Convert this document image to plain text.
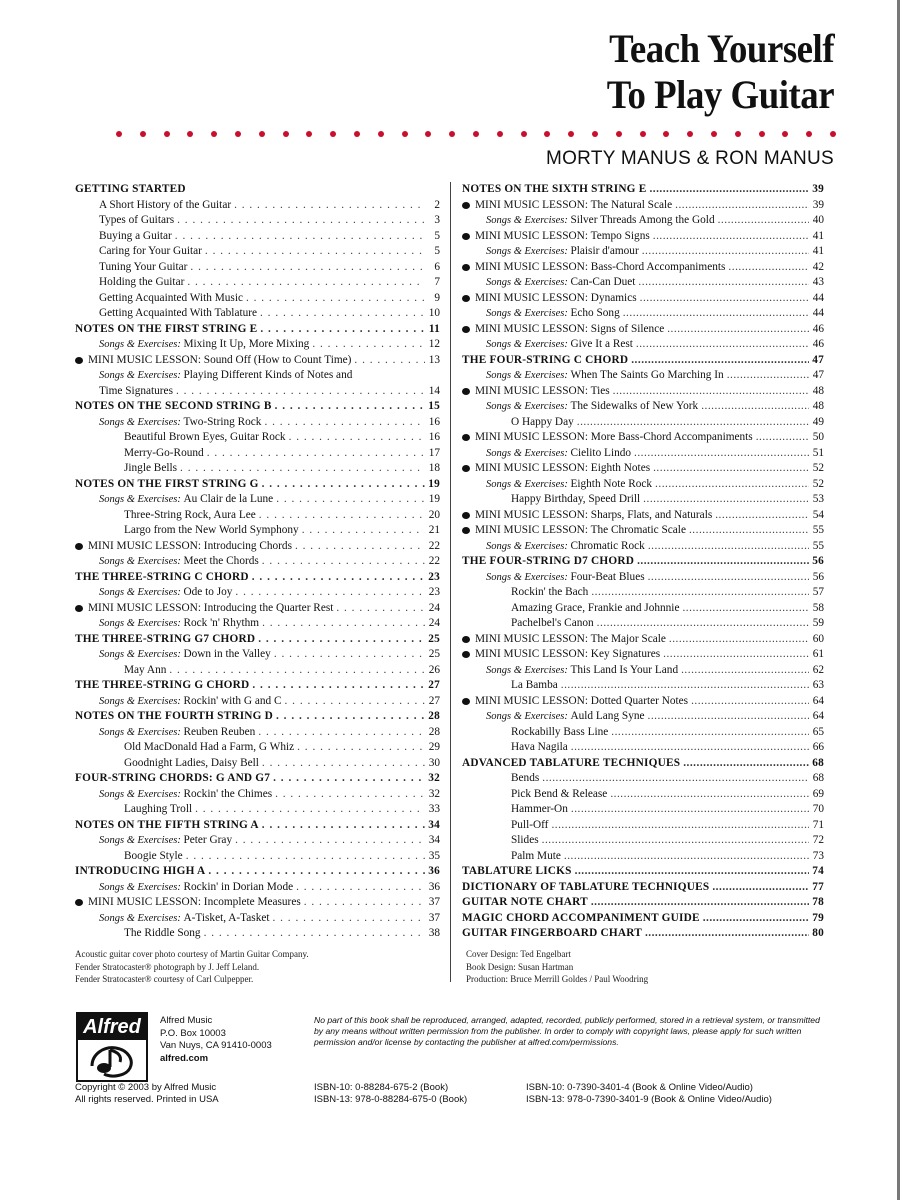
Teach Yourself
To Play Guitar
MORTY MANUS & RON MANUS
GETTING STARTED
A Short History of the Guitar . . .	2
Types of Guitars . . .	3
Buying a Guitar . . .	5
Caring for Your Guitar . . .	5
Tuning Your Guitar . . .	6
Holding the Guitar . . .	7
Getting Acquainted With Music . . .	9
Getting Acquainted With Tablature . . .	10
NOTES ON THE FIRST STRING E . . .	11
Songs & Exercises: Mixing It Up, More Mixing . . .	12
MINI MUSIC LESSON: Sound Off (How to Count Time) . . .	13
Songs & Exercises: Playing Different Kinds of Notes and
Time Signatures . . .	14
NOTES ON THE SECOND STRING B . . .	15
Songs & Exercises: Two-String Rock . . .	16
Beautiful Brown Eyes, Guitar Rock . . .	16
Merry-Go-Round . . .	17
Jingle Bells . . .	18
NOTES ON THE FIRST STRING G . . .	19
Songs & Exercises: Au Clair de la Lune . . .	19
Three-String Rock, Aura Lee . . .	20
Largo from the New World Symphony . . .	21
MINI MUSIC LESSON: Introducing Chords . . .	22
Songs & Exercises: Meet the Chords . . .	22
THE THREE-STRING C CHORD . . .	23
Songs & Exercises: Ode to Joy . . .	23
MINI MUSIC LESSON: Introducing the Quarter Rest . . .	24
Songs & Exercises: Rock 'n' Rhythm . . .	24
THE THREE-STRING G7 CHORD . . .	25
Songs & Exercises: Down in the Valley . . .	25
May Ann . . .	26
THE THREE-STRING G CHORD . . .	27
Songs & Exercises: Rockin' with G and C . . .	27
NOTES ON THE FOURTH STRING D . . .	28
Songs & Exercises: Reuben Reuben . . .	28
Old MacDonald Had a Farm, G Whiz . . .	29
Goodnight Ladies, Daisy Bell . . .	30
FOUR-STRING CHORDS: G AND G7 . . .	32
Songs & Exercises: Rockin' the Chimes . . .	32
Laughing Troll . . .	33
NOTES ON THE FIFTH STRING A . . .	34
Songs & Exercises: Peter Gray . . .	34
Boogie Style . . .	35
INTRODUCING HIGH A . . .	36
Songs & Exercises: Rockin' in Dorian Mode . . .	36
MINI MUSIC LESSON: Incomplete Measures . . .	37
Songs & Exercises: A-Tisket, A-Tasket . . .	37
The Riddle Song . . .	38
NOTES ON THE SIXTH STRING E .....	39
MINI MUSIC LESSON: The Natural Scale .....	39
Songs & Exercises: Silver Threads Among the Gold .....	40
MINI MUSIC LESSON: Tempo Signs .....	41
Songs & Exercises: Plaisir d'amour .....	41
MINI MUSIC LESSON: Bass-Chord Accompaniments .....	42
Songs & Exercises: Can-Can Duet .....	43
MINI MUSIC LESSON: Dynamics .....	44
Songs & Exercises: Echo Song .....	44
MINI MUSIC LESSON: Signs of Silence .....	46
Songs & Exercises: Give It a Rest .....	46
THE FOUR-STRING C CHORD .....	47
Songs & Exercises: When The Saints Go Marching In .....	47
MINI MUSIC LESSON: Ties .....	48
Songs & Exercises: The Sidewalks of New York .....	48
O Happy Day .....	49
MINI MUSIC LESSON: More Bass-Chord Accompaniments .....	50
Songs & Exercises: Cielito Lindo .....	51
MINI MUSIC LESSON: Eighth Notes .....	52
Songs & Exercises: Eighth Note Rock .....	52
Happy Birthday, Speed Drill .....	53
MINI MUSIC LESSON: Sharps, Flats, and Naturals .....	54
MINI MUSIC LESSON: The Chromatic Scale .....	55
Songs & Exercises: Chromatic Rock .....	55
THE FOUR-STRING D7 CHORD .....	56
Songs & Exercises: Four-Beat Blues .....	56
Rockin' the Bach .....	57
Amazing Grace, Frankie and Johnnie .....	58
Pachelbel's Canon .....	59
MINI MUSIC LESSON: The Major Scale .....	60
MINI MUSIC LESSON: Key Signatures .....	61
Songs & Exercises: This Land Is Your Land .....	62
La Bamba .....	63
MINI MUSIC LESSON: Dotted Quarter Notes .....	64
Songs & Exercises: Auld Lang Syne .....	64
Rockabilly Bass Line .....	65
Hava Nagila .....	66
ADVANCED TABLATURE TECHNIQUES .....	68
Bends .....	68
Pick Bend & Release .....	69
Hammer-On .....	70
Pull-Off .....	71
Slides .....	72
Palm Mute .....	73
TABLATURE LICKS .....	74
DICTIONARY OF TABLATURE TECHNIQUES .....	77
GUITAR NOTE CHART .....	78
MAGIC CHORD ACCOMPANIMENT GUIDE .....	79
GUITAR FINGERBOARD CHART .....	80
Acoustic guitar cover photo courtesy of Martin Guitar Company.
Fender Stratocaster® photograph by J. Jeff Leland.
Fender Stratocaster® courtesy of Carl Culpepper.
Cover Design: Ted Engelbart
Book Design: Susan Hartman
Production: Bruce Merrill Goldes / Paul Woodring
Alfred	Alfred Music
P.O. Box 10003
Van Nuys, CA 91410-0003
alfred.com
No part of this book shall be reproduced, arranged, adapted, recorded, publicly performed, stored in a retrieval system, or transmitted by any means without written permission from the publisher. In order to comply with copyright laws, please apply for such written permission and/or license by contacting the publisher at alfred.com/permissions.
Copyright © 2003 by Alfred Music
All rights reserved. Printed in USA
ISBN-10: 0-88284-675-2 (Book)
ISBN-13: 978-0-88284-675-0 (Book)
ISBN-10: 0-7390-3401-4 (Book & Online Video/Audio)
ISBN-13: 978-0-7390-3401-9 (Book & Online Video/Audio)
